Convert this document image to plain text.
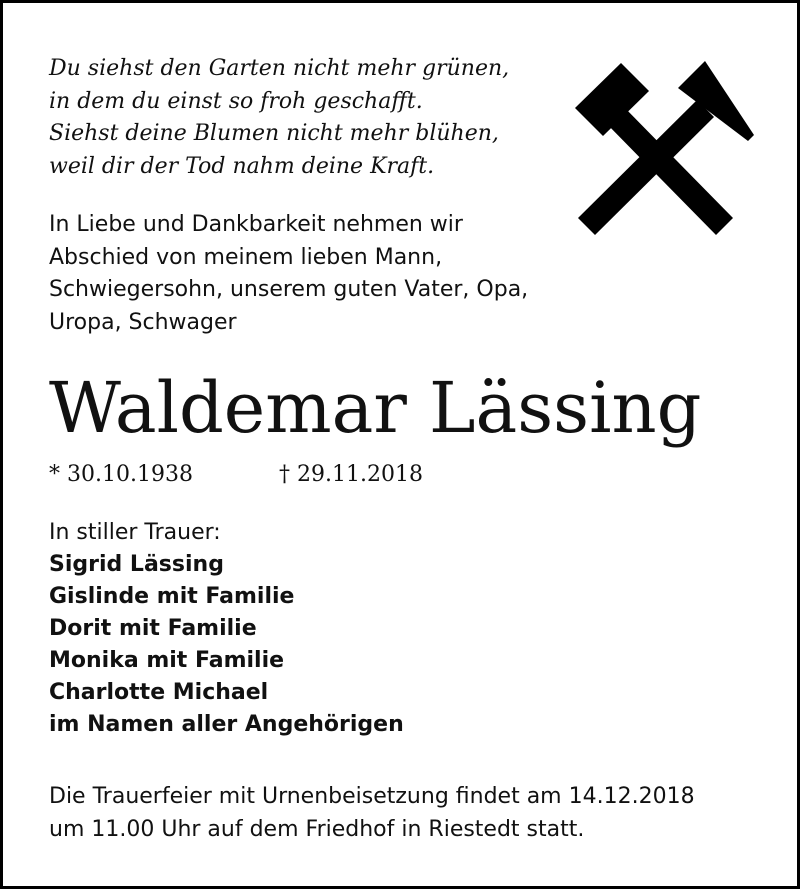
Du siehst den Garten nicht mehr grünen,
in dem du einst so froh geschafft.
Siehst deine Blumen nicht mehr blühen,
weil dir der Tod nahm deine Kraft.
In Liebe und Dankbarkeit nehmen wir
Abschied von meinem lieben Mann,
Schwiegersohn, unserem guten Vater, Opa,
Uropa, Schwager
Waldemar Lässing
* 30.10.1938	† 29.11.2018
In stiller Trauer:
Sigrid Lässing
Gislinde mit Familie
Dorit mit Familie
Monika mit Familie
Charlotte Michael
im Namen aller Angehörigen
Die Trauerfeier mit Urnenbeisetzung findet am 14.12.2018
um 11.00 Uhr auf dem Friedhof in Riestedt statt.
